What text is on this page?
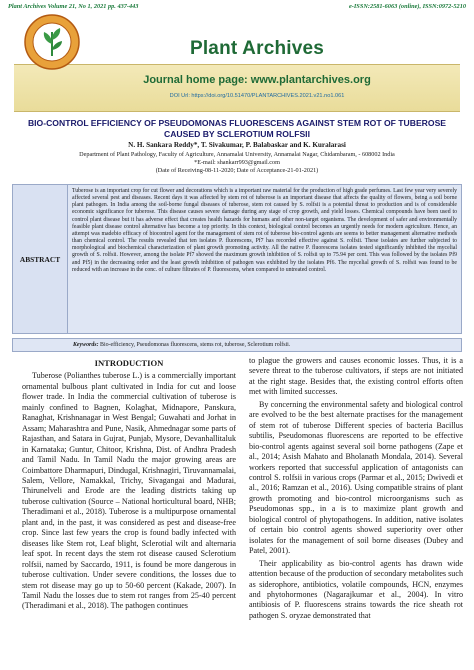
Plant Archives Volume 21, No 1, 2021 pp. 437-443	e-ISSN:2581-6063 (online), ISSN:0972-5210
Plant Archives
Journal home page: www.plantarchives.org
DOI Url: https://doi.org/10.51470/PLANTARCHIVES.2021.v21.no1.061
BIO-CONTROL EFFICIENCY OF PSEUDOMONAS FLUORESCENS AGAINST STEM ROT OF TUBEROSE
CAUSED BY SCLEROTIUM ROLFSII
N. H. Sankara Reddy*, T. Sivakumar, P. Balabaskar and K. Kuralarasi
Department of Plant Pathology, Faculty of Agriculture, Annamalai University, Annamalai Nagar, Chidambaram, - 608002 India
*E-mail: shankarr993@gmail.com
(Date of Receiving-08-11-2020; Date of Acceptance-21-01-2021)
ABSTRACT
Tuberose is an important crop for cut flower and decorations which is a important raw material for the production of high grade perfumes. Last few year very severely affected several pest and diseases. Recent days it was affected by stem rot of tuberose is an important disease that affects the quality of flowers, being a soil borne plant pathogen. In India among the soil-borne fungal diseases of tuberose, stem rot caused by S. rolfsii is a potential threat to production and is of considerable economic significance for tuberose. This disease causes severe damage during any stage of crop growth, and yield losses. Chemical compounds have been used to control plant disease but it has adverse effect that creates health hazards for humans and other non-target organisms. The development of safer and environmentally feasible plant disease control alternative has become a top priority. In this context, biological control becomes an urgently needs for modern agriculture. Hence, an attempt was madebio efficacy of biocontrol agent for the management of stem rot of tuberose bio-control agents are seems to better management alternative methods than chemical control. The results revealed that ten isolates P. fluorescens, Pf7 has recorded effective against S. rolfsii. These isolates are further subjected to morphological and biochemical characterization of plant growth promoting activity. All the native P. fluorescens isolates tested significantly inhibited the mycelial growth of S. rolfsii. However, among the isolate Pf7 showed the maximum growth inhibition of S. rolfsii up to 75.94 per cent. This was followed by the isolates Pf9 and Pf5) in the decreasing order and the least growth inhibition of pathogen was exhibited by the isolates Pf6. The mycelial growth of S. rolfsii was found to be reduced with an increase in the conc. of culture filtrates of P. fluorescens, when compared to untreated control.
Keywords: Bio-efficiency, Pseudomonas fluorescens, stems rot, tuberose, Sclerotium rolfsii.
INTRODUCTION

Tuberose (Polianthes tuberose L.) is a commercially important ornamental bulbous plant cultivated in India for cut and loose flower trade. In India the commercial cultivation of tuberose is mainly confined to Bagnen, Kolaghat, Midnapore, Panskura, Ranaghat, Krishnanagar in West Bengal; Guwahati and Jorhat in Assam; Maharashtra and Pune, Nasik, Ahmednagar some parts of Rajasthan, and Satara in Gujrat, Punjab, Mysore, Devanhallitaluk in Karnataka; Guntur, Chitoor, Krishna, Dist. of Andhra Pradesh and Tamil Nadu. In Tamil Nadu the major growing areas are Coimbattore Dharmapuri, Dindugal, Krishnagiri, Tiruvannamalai, Salem, Vellore, Namakkal, Trichy, Sivagangai and Madurai, Thirunelveli and Erode are the leading districts taking up tuberose cultivation (Source – National horticultural board, NHB; Theradimani et al., 2018). Tuberose is a multipurpose ornamental plant and, in the past, it was considered as pest and disease-free crop. Since last few years the crop is found badly infected with diseases like Stem rot, Leaf blight, Sclerotial wilt and alternaria leaf spot. In recent days the stem rot disease caused Sclerotium rolfsii, named by Saccardo, 1911, is found be more dangerous in tuberose cultivation. Under severe conditions, the losses due to stem rot disease may go up to 50-60 percent (Kakade, 2007). In Tamil Nadu the losses due to stem rot ranges from 25-40 percent (Theradimani et al., 2018). The pathogen continues

to plague the growers and causes economic losses. Thus, it is a severe threat to the tuberose cultivators, if steps are not initiated at the right stage. Besides that, the existing control efforts often met with limited successes.

By concerning the environmental safety and biological control are evolved to be the best alternate practises for the management of stem rot of tuberose Different species of bacteria Bacillus subtilis, Pseudomonas fluorescens are reported to be effective bio-control agents against several soil borne pathogens (Zape et al., 2014; Asish Mahato and Bholanath Mondala, 2014). Several workers reported that successful application of antagonists can control S. rolfsii in various crops (Parmar et al., 2015; Dwivedi et al., 2016; Ramzan et al., 2016). Using compatible strains of plant growth promoting and bio-control microorganisms such as Pseudomonas spp., in a is to maximize plant growth and biological control of phytopathogens. In addition, native isolates of certain bio control agents showed superiority over other isolates for the management of soil borne diseases (Dubey and Patel, 2001).

Their applicability as bio-control agents has drawn wide attention because of the production of secondary metabolites such as siderophore, antibiotics, volatile compounds, HCN, enzymes and phytohormones (Nagarajkumar et al., 2004). In vitro antibiosis of P. fluorescens strains towards the rice sheath rot pathogen S. oryzae demonstrated that
